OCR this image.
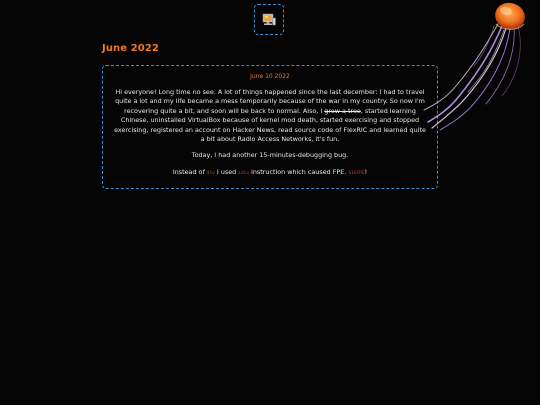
June 2022
June 10 2022

Hi everyone! Long time no see. A lot of things happened since the last december: I had to travel quite a lot and my life became a mess temporarily because of the war in my country. So now I'm recovering quite a bit, and soon will be back to normal. Also, I grew a tree, started learning Chinese, uninstalled VirtualBox because of kernel mod death, started exercising and stopped exercising, registered an account on Hacker News, read source code of FlexRIC and learned quite a bit about Radio Access Networks, it's fun.

Today, I had another 15-minutes-debugging bug.

Instead of div I used idiv instruction which caused FPE. SIGFPE!
